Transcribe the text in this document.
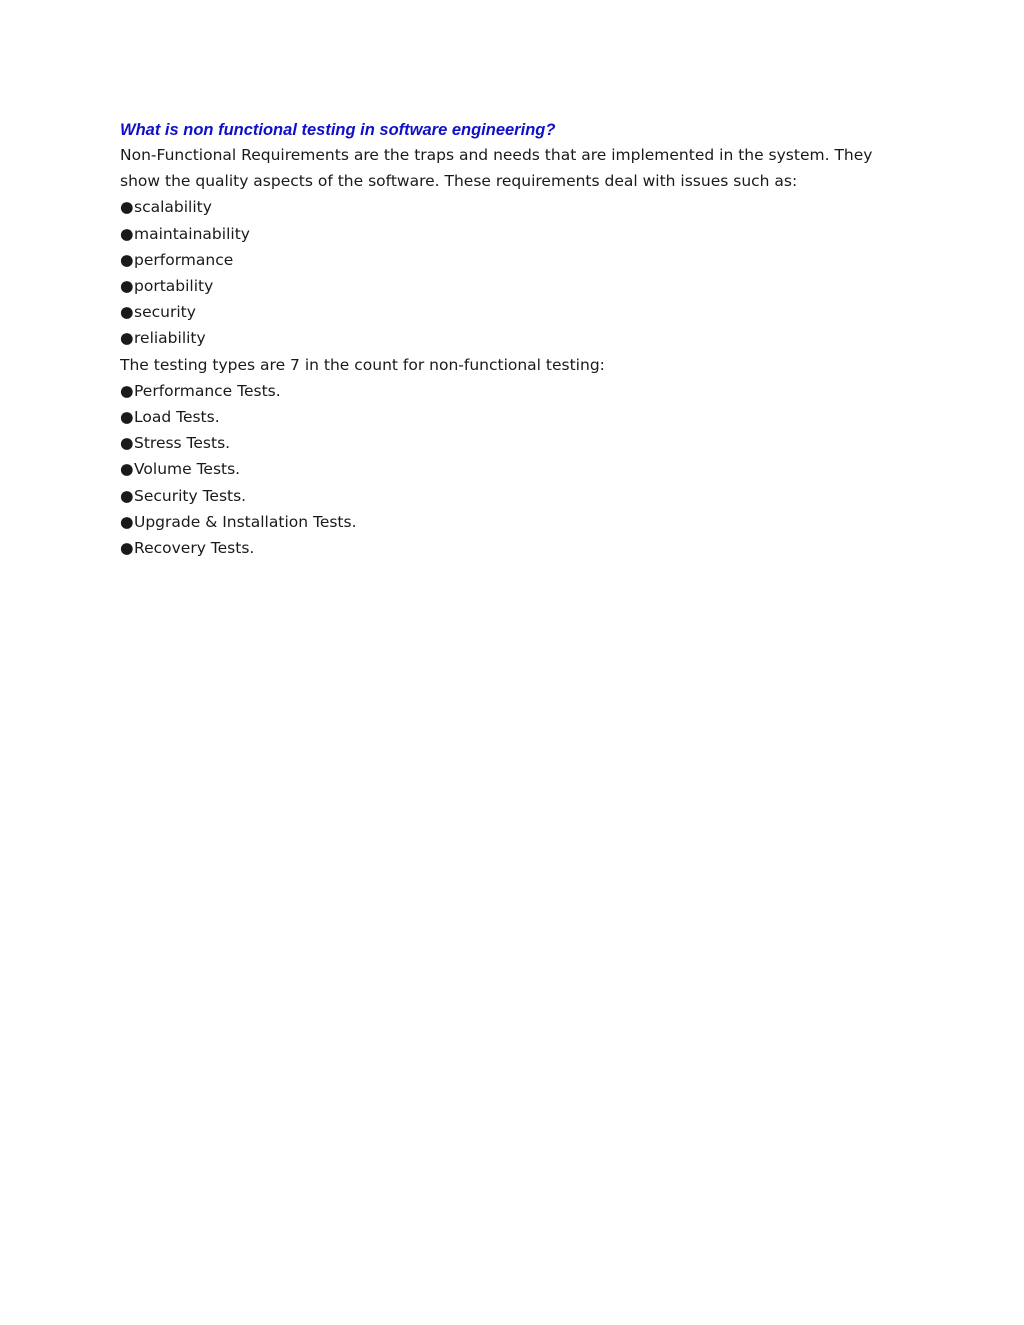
What is non functional testing in software engineering?

Non-Functional Requirements are the traps and needs that are implemented in the system. They show the quality aspects of the software. These requirements deal with issues such as:

●scalability
●maintainability
●performance
●portability
●security
●reliability

The testing types are 7 in the count for non-functional testing:

●Performance Tests.
●Load Tests.
●Stress Tests.
●Volume Tests.
●Security Tests.
●Upgrade & Installation Tests.
●Recovery Tests.
